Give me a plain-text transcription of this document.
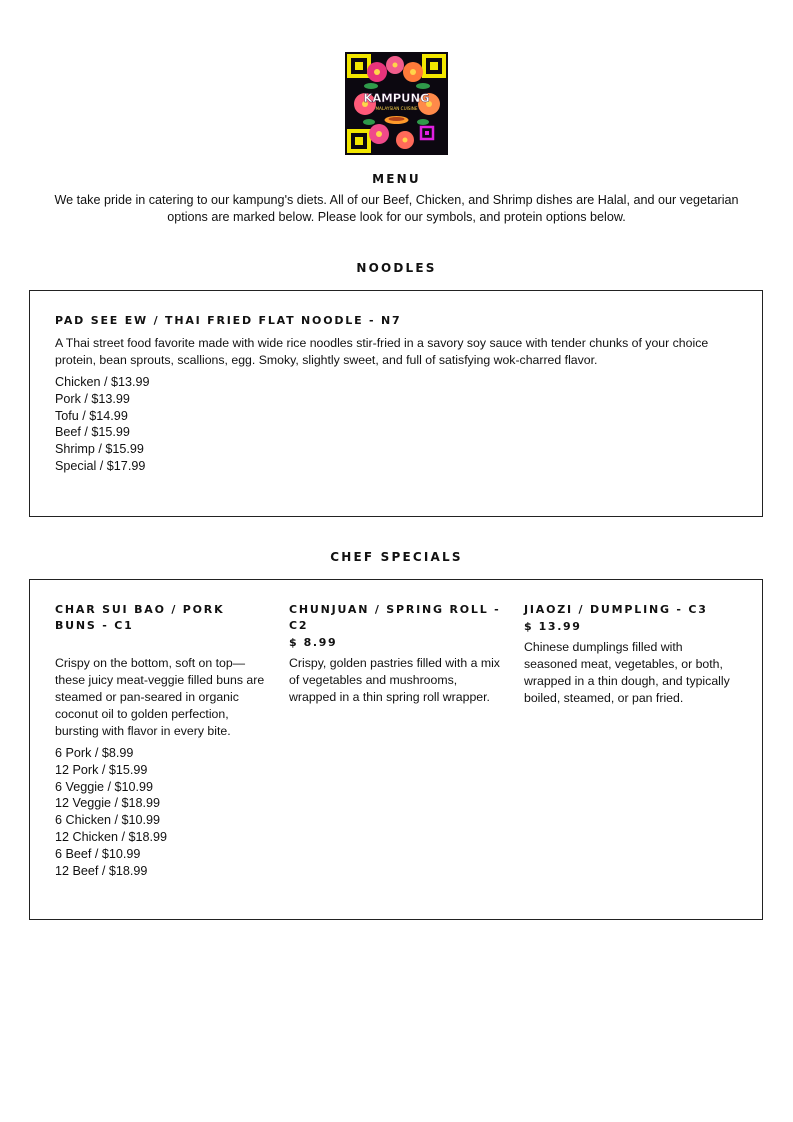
KAMPUNG
MALAYSIAN CUISINE
MENU
We take pride in catering to our kampung's diets. All of our Beef, Chicken, and Shrimp dishes are Halal, and our vegetarian options are marked below. Please look for our symbols, and protein options below.
NOODLES
PAD SEE EW / THAI FRIED FLAT NOODLE - N7
A Thai street food favorite made with wide rice noodles stir-fried in a savory soy sauce with tender chunks of your choice protein, bean sprouts, scallions, egg. Smoky, slightly sweet, and full of satisfying wok-charred flavor.
Chicken / $13.99
Pork / $13.99
Tofu / $14.99
Beef / $15.99
Shrimp / $15.99
Special / $17.99
CHEF SPECIALS
CHAR SUI BAO / PORK BUNS - C1
Crispy on the bottom, soft on top—these juicy meat-veggie filled buns are steamed or pan-seared in organic coconut oil to golden perfection, bursting with flavor in every bite.
6 Pork / $8.99
12 Pork / $15.99
6 Veggie / $10.99
12 Veggie / $18.99
6 Chicken / $10.99
12 Chicken / $18.99
6 Beef / $10.99
12 Beef / $18.99
CHUNJUAN / SPRING ROLL - C2
$ 8.99
Crispy, golden pastries filled with a mix of vegetables and mushrooms, wrapped in a thin spring roll wrapper.
JIAOZI / DUMPLING - C3
$ 13.99
Chinese dumplings filled with seasoned meat, vegetables, or both, wrapped in a thin dough, and typically boiled, steamed, or pan fried.
